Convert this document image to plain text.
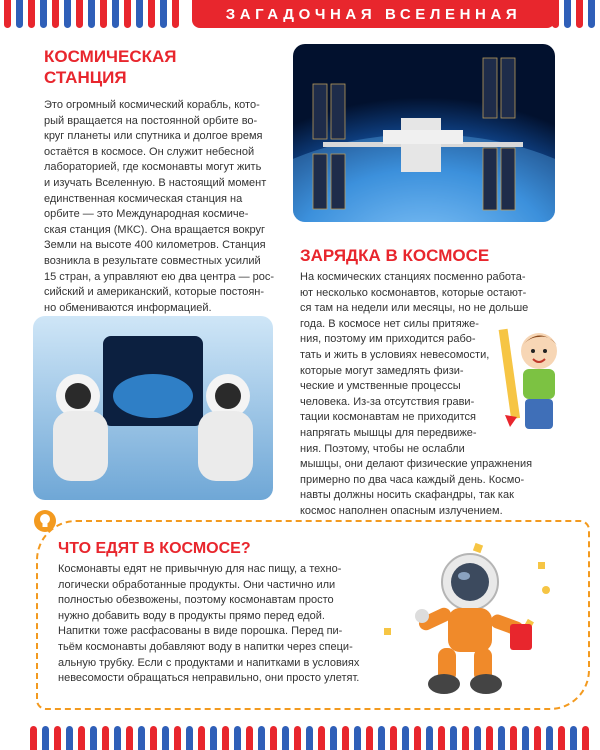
ЗАГАДОЧНАЯ ВСЕЛЕННАЯ
КОСМИЧЕСКАЯ
СТАНЦИЯ

Это огромный космический корабль, кото-

рый вращается на постоянной орбите во-

круг планеты или спутника и долгое время

остаётся в космосе. Он служит небесной

лабораторией, где космонавты могут жить

и изучать Вселенную. В настоящий момент

единственная космическая станция на

орбите — это Международная космиче-

ская станция (МКС). Она вращается вокруг

Земли на высоте 400 километров. Станция

возникла в результате совместных усилий

15 стран, а управляют ею два центра — рос-

сийский и американский, которые постоян-

но обмениваются информацией.

ЗАРЯДКА В КОСМОСЕ

На космических станциях посменно работа-

ют несколько космонавтов, которые остают-

ся там на недели или месяцы, но не дольше

года. В космосе нет силы притяже-

ния, поэтому им приходится рабо-

тать и жить в условиях невесомости,

которые могут замедлять физи-

ческие и умственные процессы

человека. Из-за отсутствия грави-

тации космонавтам не приходится

напрягать мышцы для передвиже-

ния. Поэтому, чтобы не ослабли

мышцы, они делают физические упражнения

примерно по два часа каждый день. Космо-

навты должны носить скафандры, так как

космос наполнен опасным излучением.

ЧТО ЕДЯТ В КОСМОСЕ?

Космонавты едят не привычную для нас пищу, а техно-

логически обработанные продукты. Они частично или

полностью обезвожены, поэтому космонавтам просто

нужно добавить воду в продукты прямо перед едой.

Напитки тоже расфасованы в виде порошка. Перед пи-

тьём космонавты добавляют воду в напитки через специ-

альную трубку. Если с продуктами и напитками в условиях

невесомости обращаться неправильно, они просто улетят.
